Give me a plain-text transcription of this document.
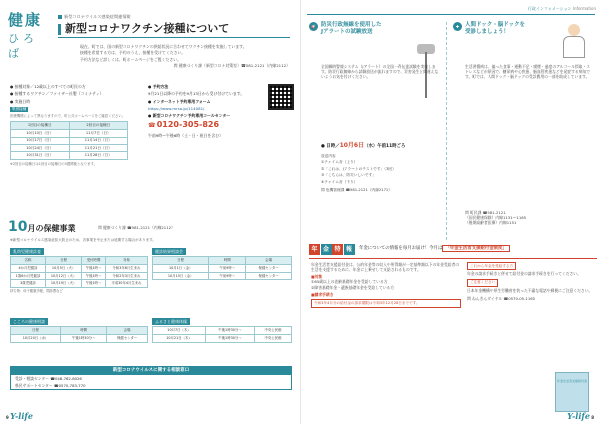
健康
ひろば
新型コロナウイルス感染症関連情報
新型コロナワクチン接種について

現在、町では、国の新型コロナワクチンの供給状況に合わせてワクチン接種を実施しています。

接種を希望する方は、予約のうえ、接種を受けてください。

予約方法など詳しくは、町ホームページをご覧ください。

問 健康づくり課（新型コロナ対策室）☎581-2121（内線2112）

● 接種対象／12歳以上のすべての町民の方
● 接種するワクチン／ファイザー社製（コミナティ）
● 実施日時
集団接種
医療機関によって異なりますので、町公式ホームページをご確認ください。
1回目の接種日	2回目の接種日
10月10日（日）	11月7日（日）
10月17日（日）	11月14日（日）
10月24日（日）	11月21日（日）
10月31日（日）	11月28日（日）
※2回目の接種日は1回目の接種日の3週間後となります。
● 予約方法
9月21日以降の予約を9月13日から受け付けています。
● インターネット予約専用フォーム
https://www.mrso.jp/114081/
● 新型コロナワクチン予約専用コールセンター
☎ 0120-305-826
午前9時～午後6時（土・日・祝日を含む）
10月の保健事業	問 健康づくり課 ☎581-2121（内線2112）
※新型コロナウイルス感染症拡大防止のため、各事業を中止または延期する場合があります。
乳幼児健康診査
名称	日程	受付時間	対象
4か月児健診	10月5日（火）	午後1時～	令和3年6月生まれ
1歳6か月児健診	10月12日（火）	午後1時～	令和2年3月生まれ
3歳児健診	10月19日（火）	午後1時～	平成30年4月生まれ
持ち物：母子健康手帳、問診票など
健診結果相談会
日程	時間	会場
10月1日（金）	午前9時～	保健センター
10月15日（金）	午前9時～	保健センター
こころの健康相談
日程	時間	会場
10月20日（水）	午後1時30分～	保健センター
ふるさと健康体操
10月7日（木）	午後1時30分～	中央公民館
10月21日（木）	午後1時30分～	中央公民館
新型コロナウイルスに関する相談窓口
受診・相談センター ☎048-762-8026
県民サポートセンター ☎0570-783-770
9 Y-life
行政インフォメーション Information
📢 防災行政無線を使用した
Jアラートの試験放送
全国瞬時警報システム（Jアラート）の全国一斉伝達試験を実施します。防災行政無線から試験放送が流れますので、災害発生と間違えないようお気を付けください。
● 日時／10月6日（水）午前11時ごろ
放送内容
①チャイム音（上り）
②「これは、Jアラートのテストです」（3回）
③「こちらは、防災いしいです」
④チャイム音（下り）
問 危機管理課 ☎581-2121（内線2171）
✚ 人間ドック・脳ドックを
受診しましょう！
生活習慣病は、偏った食事・運動不足・喫煙・過度のアルコール摂取・ストレスなどが原因で、糖尿病や心疾患、脳血管疾患などを発症する病気です。町では、人間ドック・脳ドックの受診費用の一部を助成しています。
問 町民課 ☎581-2121
（国民健康保険）内線1131～1165
（後期高齢者医療）内線1151
年 金 特 報 年金についての情報を毎月お届け！今月は 「年金生活者支援給付金制度」
年金生活者支援給付金は、公的年金等の収入や所得額が一定基準額以下の年金受給者の生活を支援するために、年金に上乗せして支給されるものです。
■対象
①65歳以上の老齢基礎年金を受給している方
②障害基礎年金・遺族基礎年金を受給している方
■請求手続き
令和3年4月分の給付金の請求期限は令和3年12月28日までです。
これから年金を受給する方
年金の請求手続きと併せて給付金の請求手続きを行ってください。
ご注意ください
日本年金機構や厚生労働省を装った不審な電話や郵便にご注意ください。
問 ねんきんダイヤル ☎0570-05-1165
年金生活者支援給付金
Y-life 8
